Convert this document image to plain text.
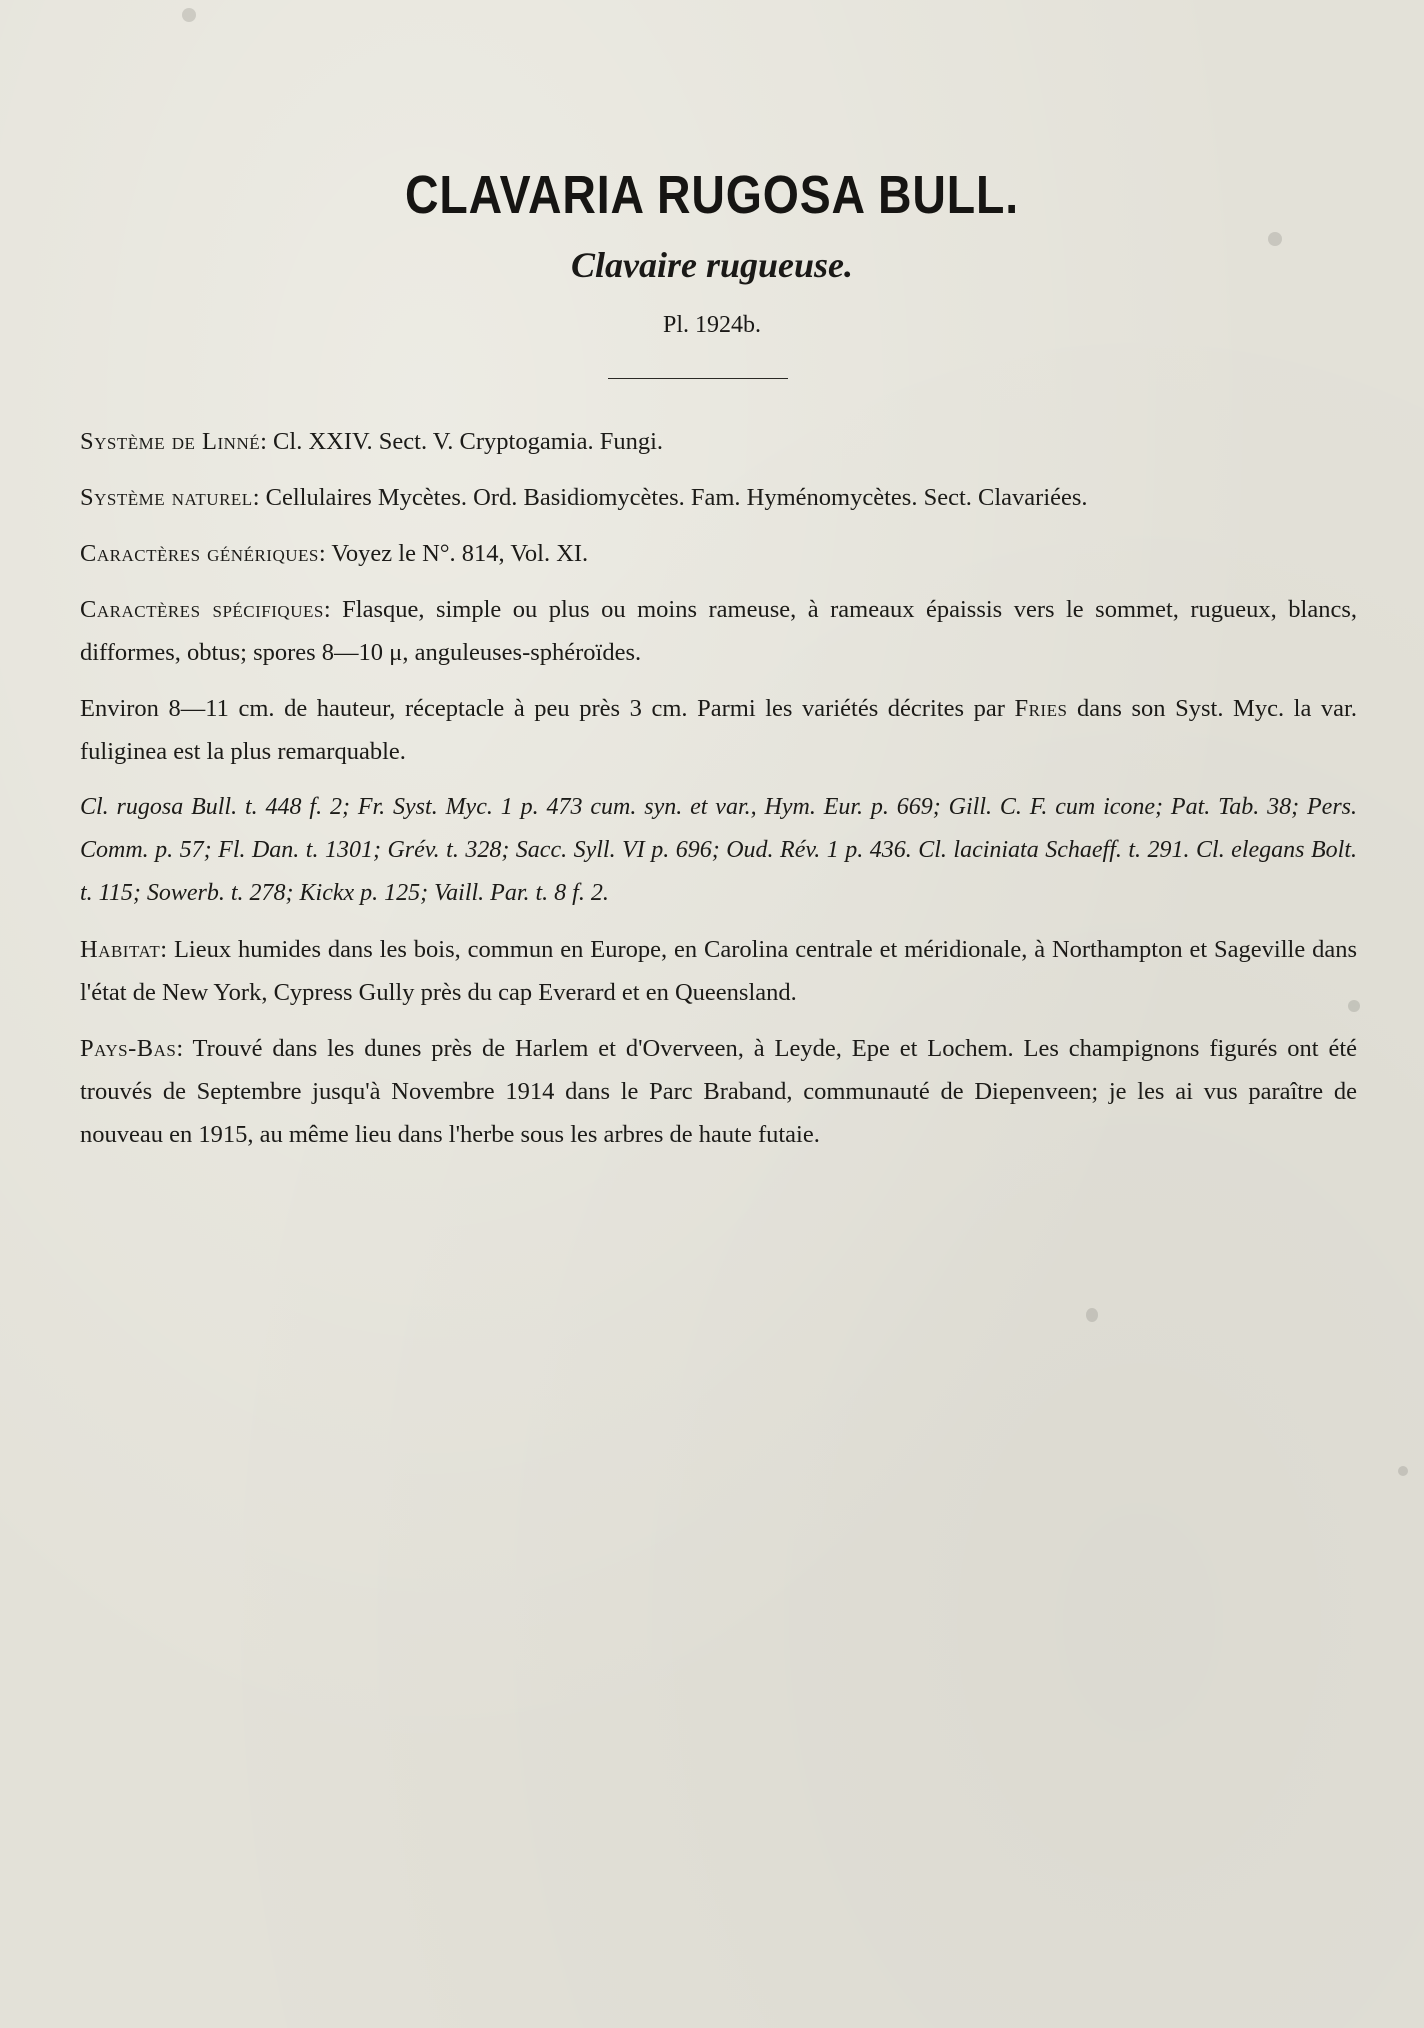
CLAVARIA RUGOSA BULL.
Clavaire rugueuse.
Pl. 1924b.

Système de Linné: Cl. XXIV. Sect. V. Cryptogamia. Fungi.

Système naturel: Cellulaires Mycètes. Ord. Basidiomycètes. Fam. Hyménomycètes. Sect. Clavariées.

Caractères génériques: Voyez le N°. 814, Vol. XI.

Caractères spécifiques: Flasque, simple ou plus ou moins rameuse, à rameaux épaissis vers le sommet, rugueux, blancs, difformes, obtus; spores 8—10 μ, anguleuses-sphéroïdes.

Environ 8—11 cm. de hauteur, réceptacle à peu près 3 cm. Parmi les variétés décrites par Fries dans son Syst. Myc. la var. fuliginea est la plus remarquable.

Cl. rugosa Bull. t. 448 f. 2; Fr. Syst. Myc. 1 p. 473 cum. syn. et var., Hym. Eur. p. 669; Gill. C. F. cum icone; Pat. Tab. 38; Pers. Comm. p. 57; Fl. Dan. t. 1301; Grév. t. 328; Sacc. Syll. VI p. 696; Oud. Rév. 1 p. 436. Cl. laciniata Schaeff. t. 291. Cl. elegans Bolt. t. 115; Sowerb. t. 278; Kickx p. 125; Vaill. Par. t. 8 f. 2.

Habitat: Lieux humides dans les bois, commun en Europe, en Carolina centrale et méridionale, à Northampton et Sageville dans l'état de New York, Cypress Gully près du cap Everard et en Queensland.

Pays-Bas: Trouvé dans les dunes près de Harlem et d'Overveen, à Leyde, Epe et Lochem. Les champignons figurés ont été trouvés de Septembre jusqu'à Novembre 1914 dans le Parc Braband, communauté de Diepenveen; je les ai vus paraître de nouveau en 1915, au même lieu dans l'herbe sous les arbres de haute futaie.
